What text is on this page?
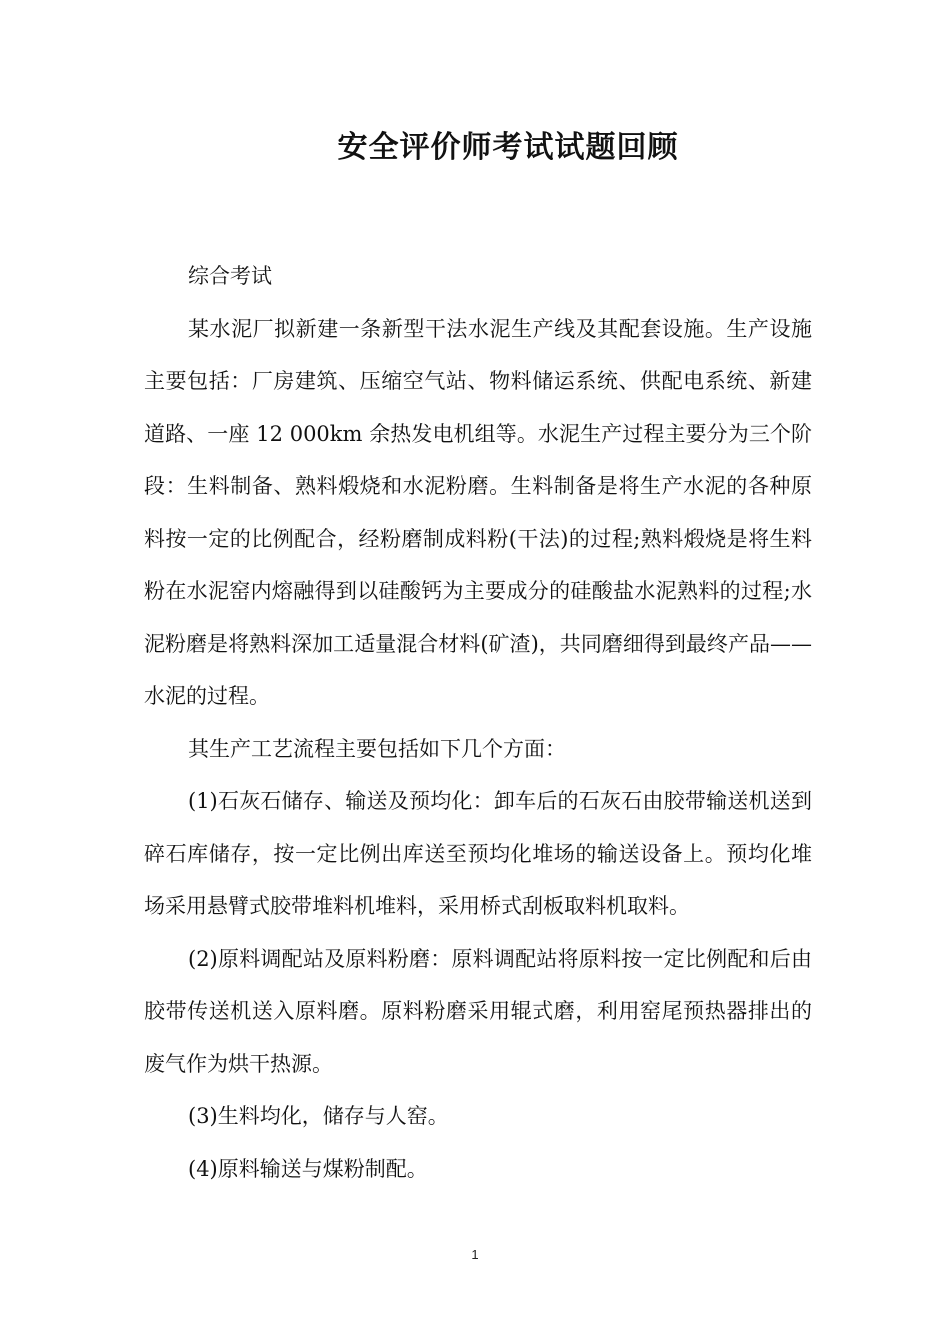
安全评价师考试试题回顾

综合考试

某水泥厂拟新建一条新型干法水泥生产线及其配套设施。生产设施主要包括：厂房建筑、压缩空气站、物料储运系统、供配电系统、新建道路、一座 12 000km 余热发电机组等。水泥生产过程主要分为三个阶段：生料制备、熟料煅烧和水泥粉磨。生料制备是将生产水泥的各种原料按一定的比例配合，经粉磨制成料粉(干法)的过程;熟料煅烧是将生料粉在水泥窑内熔融得到以硅酸钙为主要成分的硅酸盐水泥熟料的过程;水泥粉磨是将熟料深加工适量混合材料(矿渣)，共同磨细得到最终产品——水泥的过程。

其生产工艺流程主要包括如下几个方面：

(1)石灰石储存、输送及预均化：卸车后的石灰石由胶带输送机送到碎石库储存，按一定比例出库送至预均化堆场的输送设备上。预均化堆场采用悬臂式胶带堆料机堆料，采用桥式刮板取料机取料。

(2)原料调配站及原料粉磨：原料调配站将原料按一定比例配和后由胶带传送机送入原料磨。原料粉磨采用辊式磨，利用窑尾预热器排出的废气作为烘干热源。

(3)生料均化，储存与人窑。

(4)原料输送与煤粉制配。

1
